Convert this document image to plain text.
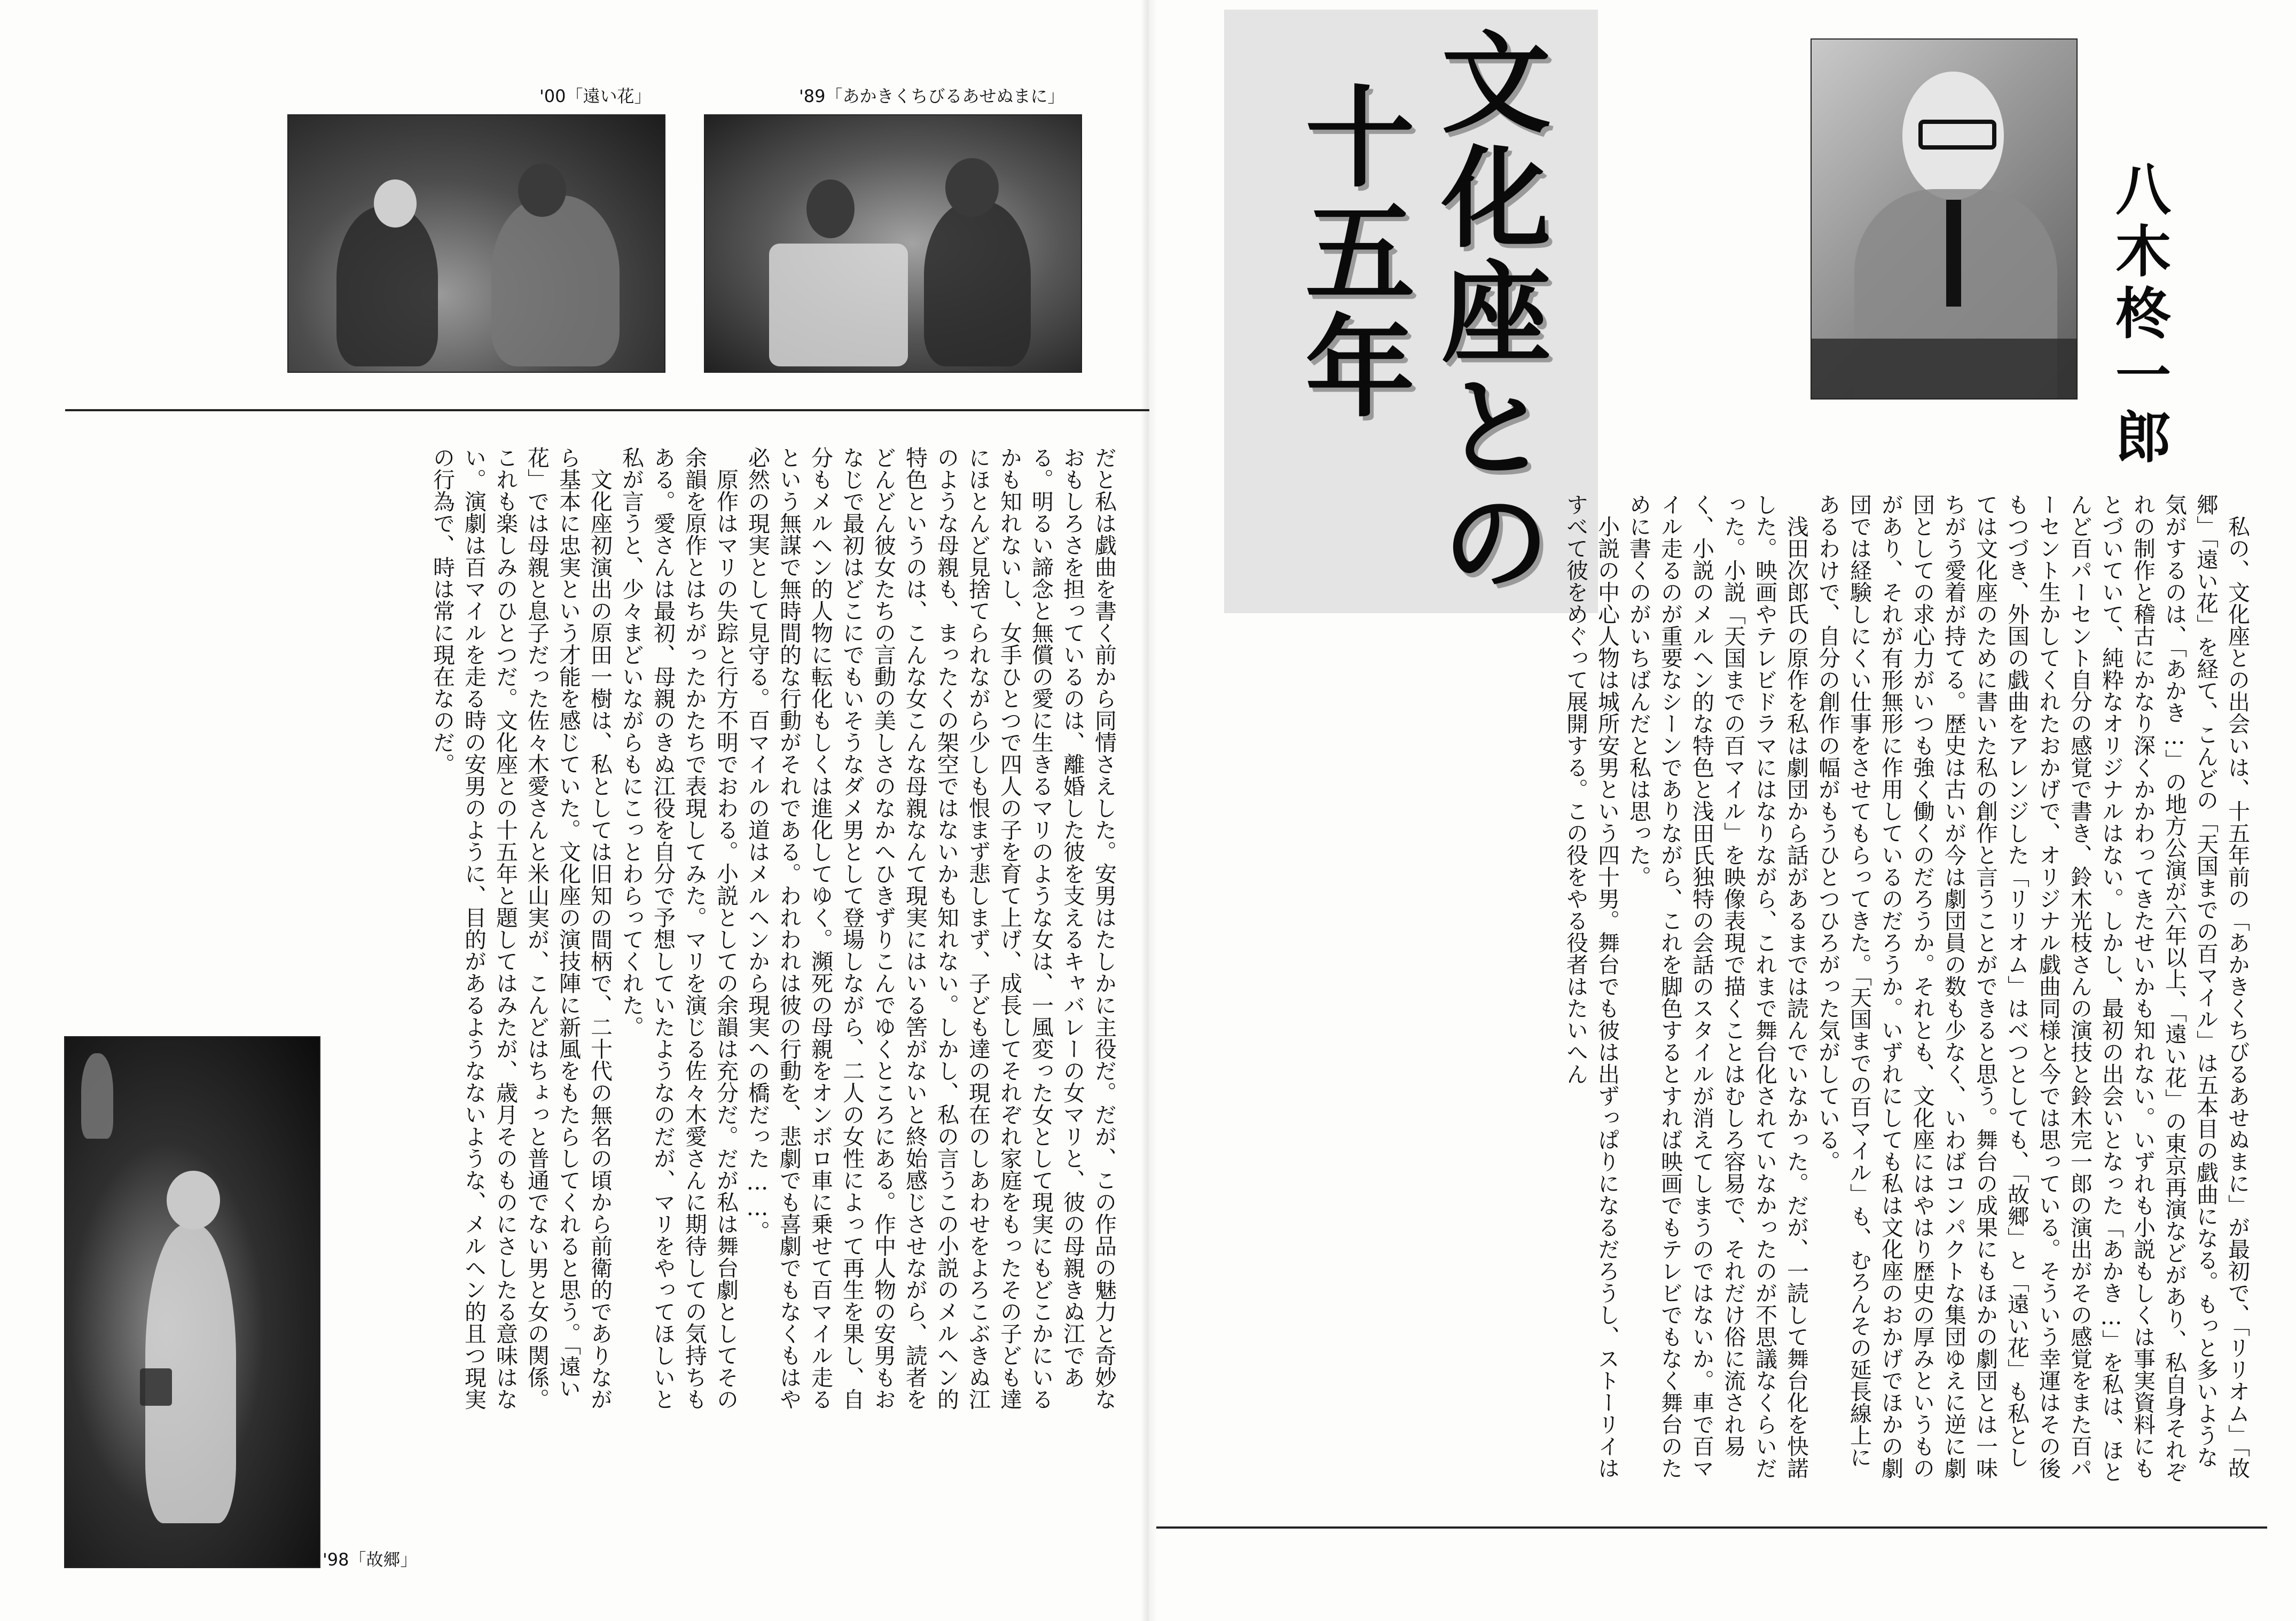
'00「遠い花」	'89「あかきくちびるあせぬまに」

だと私は戯曲を書く前から同情さえした。安男はたしかに主役だ。だが、この作品の魅力と奇妙なおもしろさを担っているのは、離婚した彼を支えるキャバレーの女マリと、彼の母親きぬ江である。明るい諦念と無償の愛に生きるマリのような女は、一風変った女として現実にもどこかにいるかも知れないし、女手ひとつで四人の子を育て上げ、成長してそれぞれ家庭をもったその子ども達にほとんど見捨てられながら少しも恨まず悲しまず、子ども達の現在のしあわせをよろこぶきぬ江のような母親も、まったくの架空ではないかも知れない。しかし、私の言うこの小説のメルヘン的特色というのは、こんな女こんな母親なんて現実にはいる筈がないと終始感じさせながら、読者をどんどん彼女たちの言動の美しさのなかへひきずりこんでゆくところにある。作中人物の安男もおなじで最初はどこにでもいそうなダメ男として登場しながら、二人の女性によって再生を果し、自分もメルヘン的人物に転化もしくは進化してゆく。瀕死の母親をオンボロ車に乗せて百マイル走るという無謀で無時間的な行動がそれである。われわれは彼の行動を、悲劇でも喜劇でもなくもはや必然の現実として見守る。百マイルの道はメルヘンから現実への橋だった……。

原作はマリの失踪と行方不明でおわる。小説としての余韻は充分だ。だが私は舞台劇としてその余韻を原作とはちがったかたちで表現してみた。マリを演じる佐々木愛さんに期待しての気持ちもある。愛さんは最初、母親のきぬ江役を自分で予想していたようなのだが、マリをやってほしいと私が言うと、少々まどいながらもにこっとわらってくれた。

文化座初演出の原田一樹は、私としては旧知の間柄で、二十代の無名の頃から前衛的でありながら基本に忠実という才能を感じていた。文化座の演技陣に新風をもたらしてくれると思う。「遠い花」では母親と息子だった佐々木愛さんと米山実が、こんどはちょっと普通でない男と女の関係。これも楽しみのひとつだ。文化座との十五年と題してはみたが、歳月そのものにさしたる意味はない。演劇は百マイルを走る時の安男のように、目的があるようなないような、メルヘン的且つ現実の行為で、時は常に現在なのだ。

'98「故郷」
文化座との
十五年	八木柊一郎

私の、文化座との出会いは、十五年前の「あかきくちびるあせぬまに」が最初で、「リリオム」「故郷」「遠い花」を経て、こんどの「天国までの百マイル」は五本目の戯曲になる。もっと多いような気がするのは、「あかき…」の地方公演が六年以上、「遠い花」の東京再演などがあり、私自身それぞれの制作と稽古にかなり深くかかわってきたせいかも知れない。いずれも小説もしくは事実資料にもとづいていて、純粋なオリジナルはない。しかし、最初の出会いとなった「あかき…」を私は、ほとんど百パーセント自分の感覚で書き、鈴木光枝さんの演技と鈴木完一郎の演出がその感覚をまた百パーセント生かしてくれたおかげで、オリジナル戯曲同様と今では思っている。そういう幸運はその後もつづき、外国の戯曲をアレンジした「リリオム」はべつとしても、「故郷」と「遠い花」も私としては文化座のために書いた私の創作と言うことができると思う。舞台の成果にもほかの劇団とは一味ちがう愛着が持てる。歴史は古いが今は劇団員の数も少なく、いわばコンパクトな集団ゆえに逆に劇団としての求心力がいつも強く働くのだろうか。それとも、文化座にはやはり歴史の厚みというものがあり、それが有形無形に作用しているのだろうか。いずれにしても私は文化座のおかげでほかの劇団では経験しにくい仕事をさせてもらってきた。「天国までの百マイル」も、むろんその延長線上にあるわけで、自分の創作の幅がもうひとつひろがった気がしている。

浅田次郎氏の原作を私は劇団から話があるまでは読んでいなかった。だが、一読して舞台化を快諾した。映画やテレビドラマにはなりながら、これまで舞台化されていなかったのが不思議なくらいだった。小説「天国までの百マイル」を映像表現で描くことはむしろ容易で、それだけ俗に流され易く、小説のメルヘン的な特色と浅田氏独特の会話のスタイルが消えてしまうのではないか。車で百マイル走るのが重要なシーンでありながら、これを脚色するとすれば映画でもテレビでもなく舞台のために書くのがいちばんだと私は思った。

小説の中心人物は城所安男という四十男。舞台でも彼は出ずっぱりになるだろうし、ストーリイはすべて彼をめぐって展開する。この役をやる役者はたいへん
